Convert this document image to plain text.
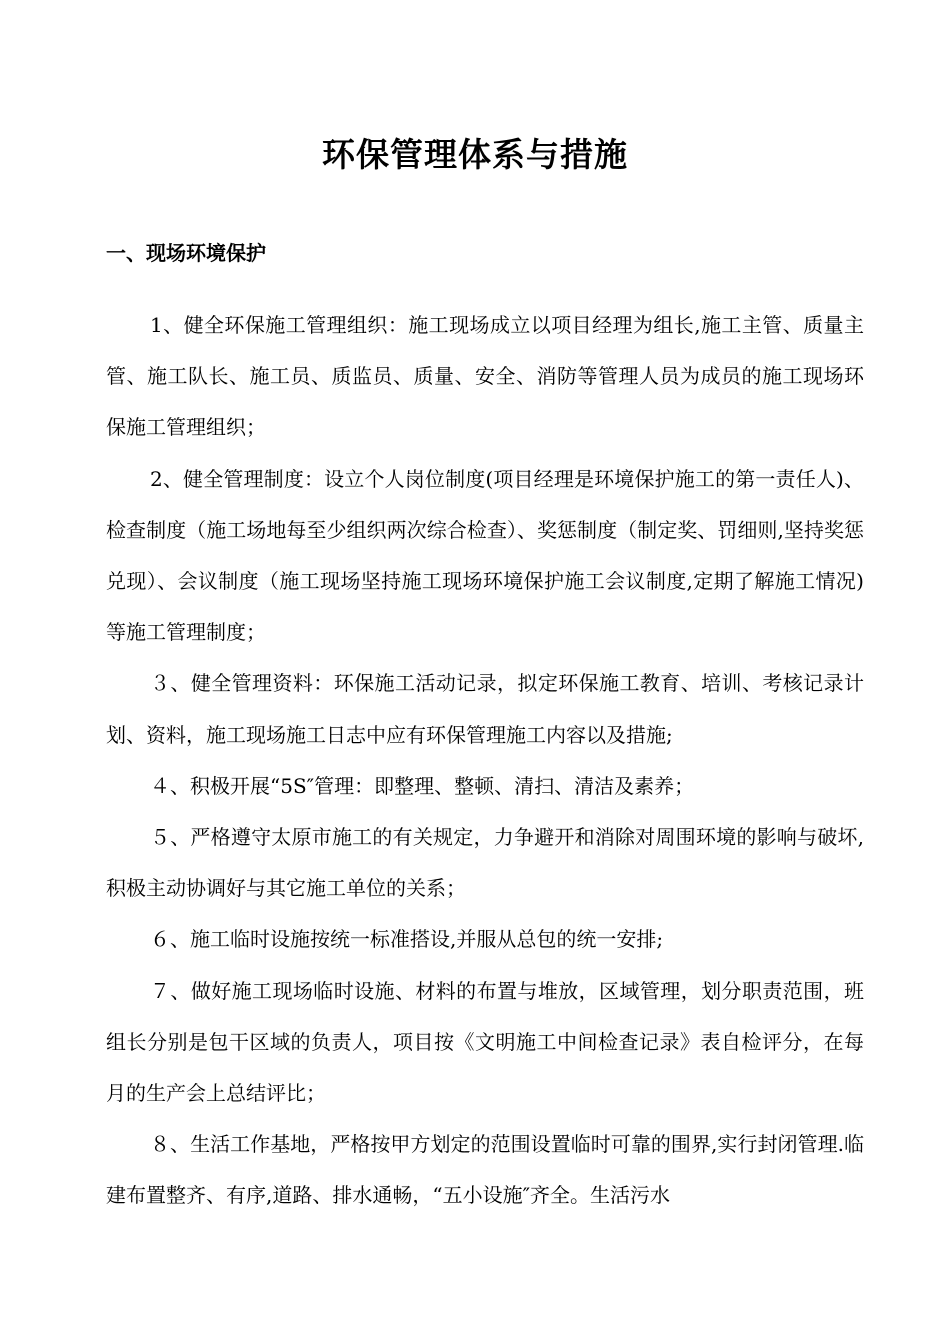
环保管理体系与措施
一、现场环境保护

1、健全环保施工管理组织：施工现场成立以项目经理为组长,施工主管、质量主管、施工队长、施工员、质监员、质量、安全、消防等管理人员为成员的施工现场环保施工管理组织；

2、健全管理制度：设立个人岗位制度(项目经理是环境保护施工的第一责任人)、检查制度（施工场地每至少组织两次综合检查）、奖惩制度（制定奖、罚细则,坚持奖惩兑现）、会议制度（施工现场坚持施工现场环境保护施工会议制度,定期了解施工情况)等施工管理制度；

３、健全管理资料：环保施工活动记录，拟定环保施工教育、培训、考核记录计划、资料，施工现场施工日志中应有环保管理施工内容以及措施;

４、积极开展“5S″管理：即整理、整顿、清扫、清洁及素养；

５、严格遵守太原市施工的有关规定，力争避开和消除对周围环境的影响与破坏,积极主动协调好与其它施工单位的关系；

６、施工临时设施按统一标准搭设,并服从总包的统一安排;

７、做好施工现场临时设施、材料的布置与堆放，区域管理，划分职责范围，班组长分别是包干区域的负责人，项目按《文明施工中间检查记录》表自检评分，在每月的生产会上总结评比；

８、生活工作基地，严格按甲方划定的范围设置临时可靠的围界,实行封闭管理.临建布置整齐、有序,道路、排水通畅，“五小设施″齐全。生活污水
